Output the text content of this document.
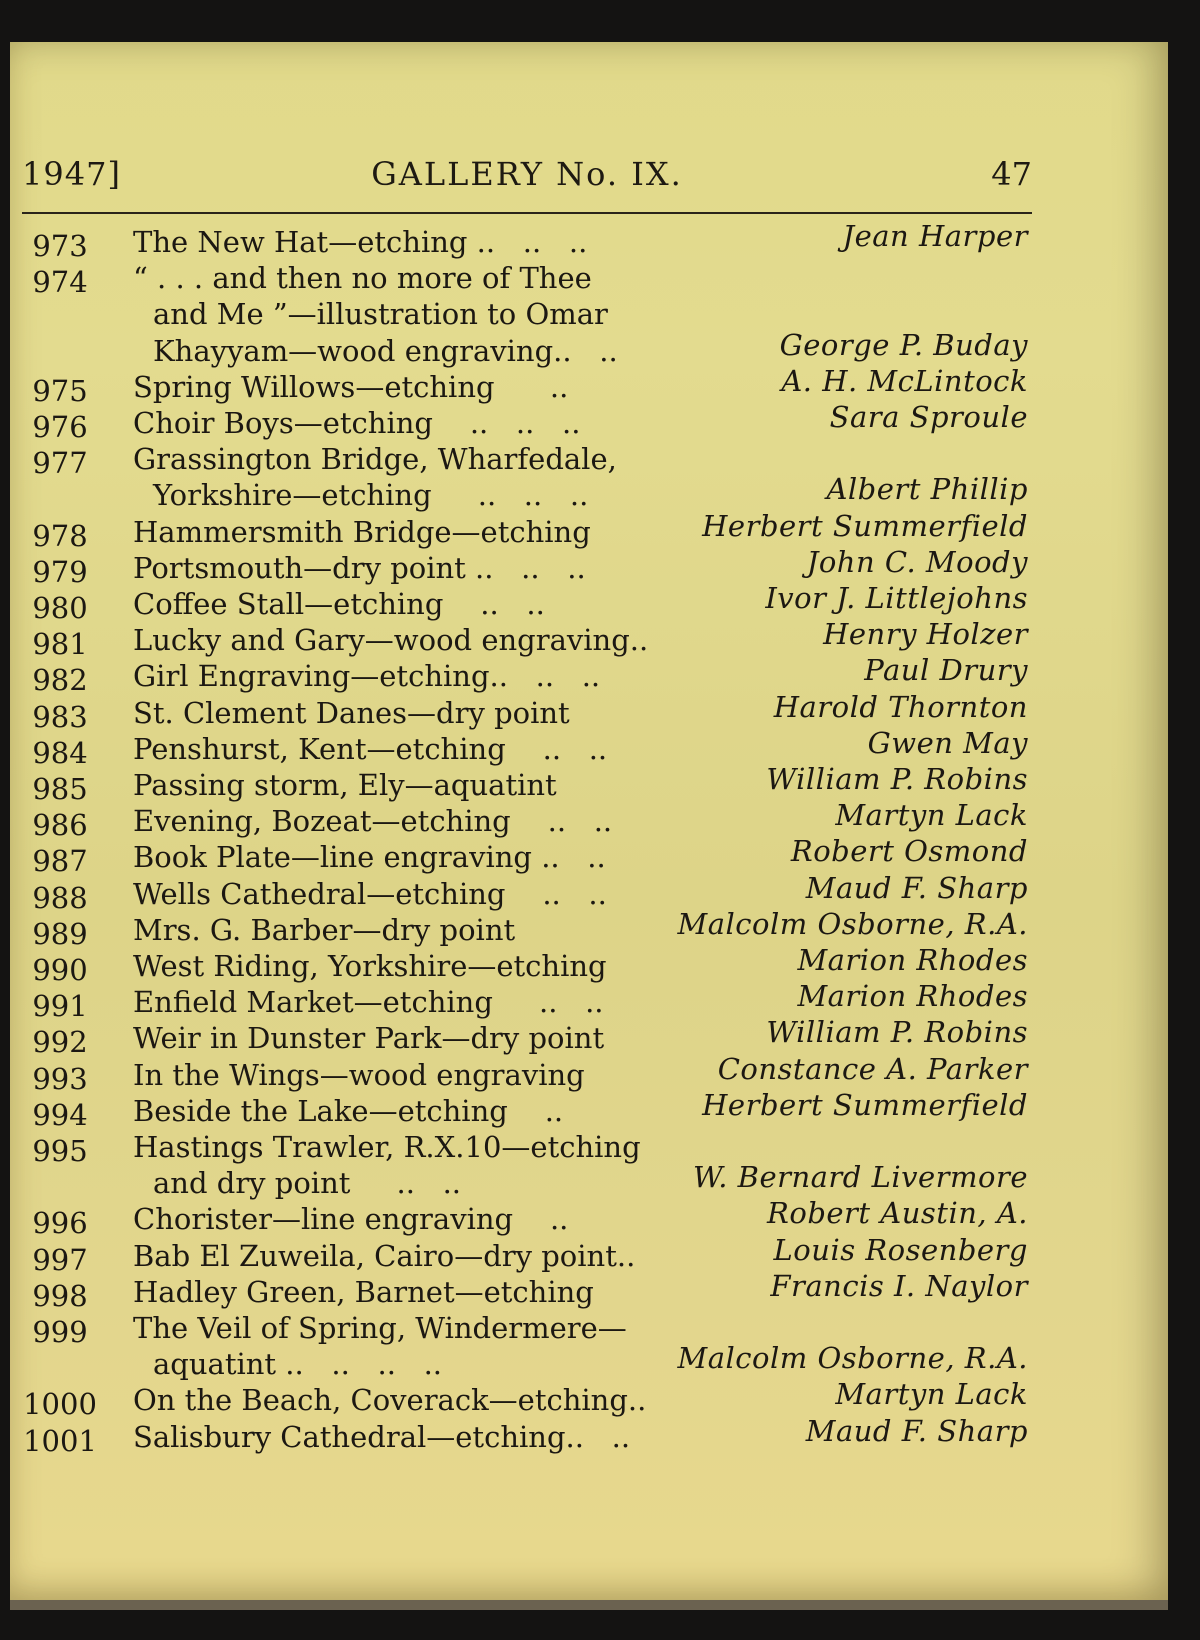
1947]	GALLERY No. IX.	47
973	The New Hat—etching ..   ..   ..	Jean Harper
974	“ . . . and then no more of Thee
and Me ”—illustration to Omar
Khayyam—wood engraving..   ..	George P. Buday
975	Spring Willows—etching      ..	A. H. McLintock
976	Choir Boys—etching    ..   ..   ..	Sara Sproule
977	Grassington Bridge, Wharfedale,
Yorkshire—etching     ..   ..   ..	Albert Phillip
978	Hammersmith Bridge—etching	Herbert Summerfield
979	Portsmouth—dry point ..   ..   ..	John C. Moody
980	Coffee Stall—etching    ..   ..	Ivor J. Littlejohns
981	Lucky and Gary—wood engraving..	Henry Holzer
982	Girl Engraving—etching..   ..   ..	Paul Drury
983	St. Clement Danes—dry point	Harold Thornton
984	Penshurst, Kent—etching    ..   ..	Gwen May
985	Passing storm, Ely—aquatint	William P. Robins
986	Evening, Bozeat—etching    ..   ..	Martyn Lack
987	Book Plate—line engraving ..   ..	Robert Osmond
988	Wells Cathedral—etching    ..   ..	Maud F. Sharp
989	Mrs. G. Barber—dry point	Malcolm Osborne, R.A.
990	West Riding, Yorkshire—etching	Marion Rhodes
991	Enfield Market—etching     ..   ..	Marion Rhodes
992	Weir in Dunster Park—dry point	William P. Robins
993	In the Wings—wood engraving	Constance A. Parker
994	Beside the Lake—etching    ..	Herbert Summerfield
995	Hastings Trawler, R.X.10—etching
and dry point     ..   ..	W. Bernard Livermore
996	Chorister—line engraving    ..	Robert Austin, A.
997	Bab El Zuweila, Cairo—dry point..	Louis Rosenberg
998	Hadley Green, Barnet—etching	Francis I. Naylor
999	The Veil of Spring, Windermere—
aquatint ..   ..   ..   ..	Malcolm Osborne, R.A.
1000 On the Beach, Coverack—etching..	Martyn Lack
1001 Salisbury Cathedral—etching..   ..	Maud F. Sharp
